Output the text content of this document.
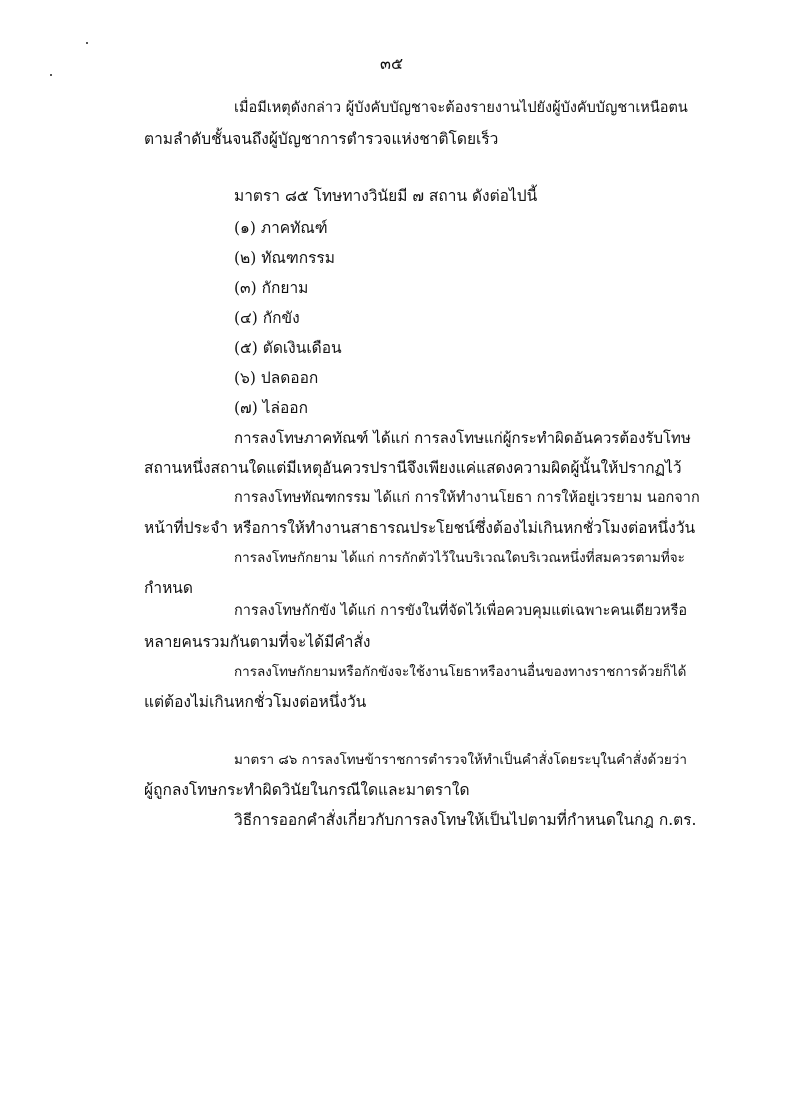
๓๕
เมื่อมีเหตุดังกล่าว ผู้บังคับบัญชาจะต้องรายงานไปยังผู้บังคับบัญชาเหนือตน
ตามลำดับชั้นจนถึงผู้บัญชาการตำรวจแห่งชาติโดยเร็ว
มาตรา ๘๕ โทษทางวินัยมี ๗ สถาน ดังต่อไปนี้
(๑) ภาคทัณฑ์
(๒) ทัณฑกรรม
(๓) กักยาม
(๔) กักขัง
(๕) ตัดเงินเดือน
(๖) ปลดออก
(๗) ไล่ออก
การลงโทษภาคทัณฑ์ ได้แก่ การลงโทษแก่ผู้กระทำผิดอันควรต้องรับโทษ
สถานหนึ่งสถานใดแต่มีเหตุอันควรปรานีจึงเพียงแค่แสดงความผิดผู้นั้นให้ปรากฏไว้
การลงโทษทัณฑกรรม ได้แก่ การให้ทำงานโยธา การให้อยู่เวรยาม นอกจาก
หน้าที่ประจำ หรือการให้ทำงานสาธารณประโยชน์ซึ่งต้องไม่เกินหกชั่วโมงต่อหนึ่งวัน
การลงโทษกักยาม ได้แก่ การกักตัวไว้ในบริเวณใดบริเวณหนึ่งที่สมควรตามที่จะ
กำหนด
การลงโทษกักขัง ได้แก่ การขังในที่จัดไว้เพื่อควบคุมแต่เฉพาะคนเดียวหรือ
หลายคนรวมกันตามที่จะได้มีคำสั่ง
การลงโทษกักยามหรือกักขังจะใช้งานโยธาหรืองานอื่นของทางราชการด้วยก็ได้
แต่ต้องไม่เกินหกชั่วโมงต่อหนึ่งวัน
มาตรา ๘๖ การลงโทษข้าราชการตำรวจให้ทำเป็นคำสั่งโดยระบุในคำสั่งด้วยว่า
ผู้ถูกลงโทษกระทำผิดวินัยในกรณีใดและมาตราใด
วิธีการออกคำสั่งเกี่ยวกับการลงโทษให้เป็นไปตามที่กำหนดในกฎ ก.ตร.
